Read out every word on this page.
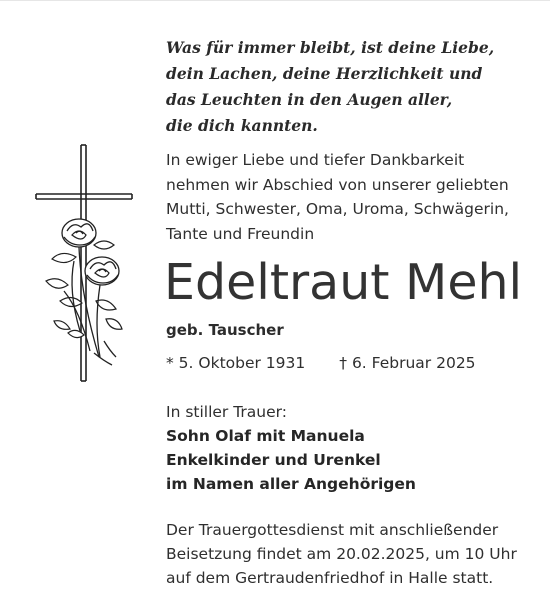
Was für immer bleibt, ist deine Liebe,
dein Lachen, deine Herzlichkeit und
das Leuchten in den Augen aller,
die dich kannten.
In ewiger Liebe und tiefer Dankbarkeit
nehmen wir Abschied von unserer geliebten
Mutti, Schwester, Oma, Uroma, Schwägerin,
Tante und Freundin
Edeltraut Mehl
geb. Tauscher
* 5. Oktober 1931 † 6. Februar 2025
In stiller Trauer:
Sohn Olaf mit Manuela
Enkelkinder und Urenkel
im Namen aller Angehörigen
Der Trauergottesdienst mit anschließender
Beisetzung findet am 20.02.2025, um 10 Uhr
auf dem Gertraudenfriedhof in Halle statt.
